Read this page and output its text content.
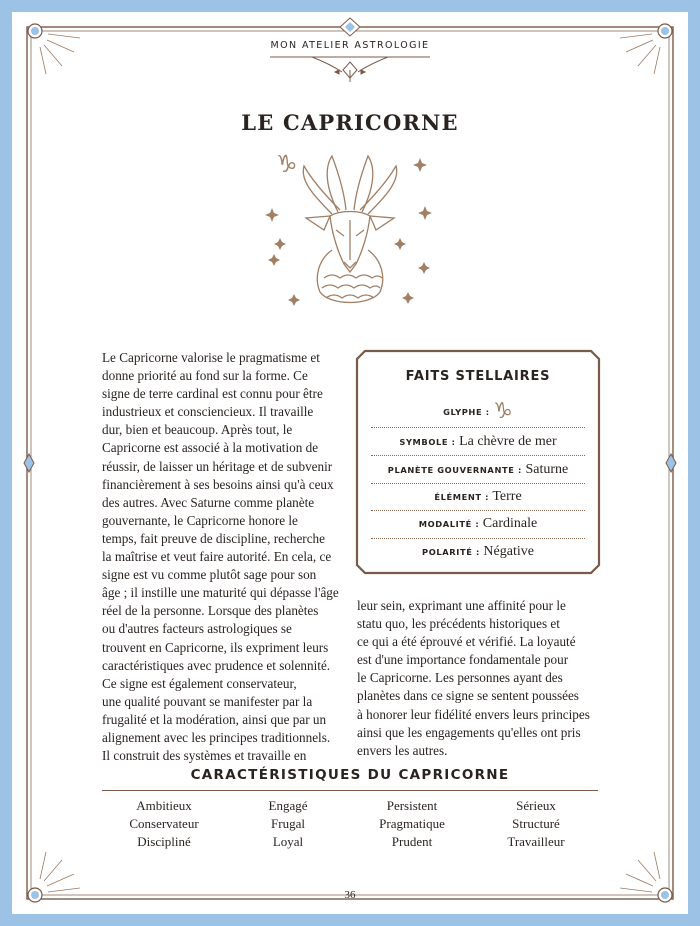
MON ATELIER ASTROLOGIE
LE CAPRICORNE
♑
Le Capricorne valorise le pragmatisme et
donne priorité au fond sur la forme. Ce
signe de terre cardinal est connu pour être
industrieux et consciencieux. Il travaille
dur, bien et beaucoup. Après tout, le
Capricorne est associé à la motivation de
réussir, de laisser un héritage et de subvenir
financièrement à ses besoins ainsi qu'à ceux
des autres. Avec Saturne comme planète
gouvernante, le Capricorne honore le
temps, fait preuve de discipline, recherche
la maîtrise et veut faire autorité. En cela, ce
signe est vu comme plutôt sage pour son
âge ; il instille une maturité qui dépasse l'âge
réel de la personne. Lorsque des planètes
ou d'autres facteurs astrologiques se
trouvent en Capricorne, ils expriment leurs
caractéristiques avec prudence et solennité.
Ce signe est également conservateur,
une qualité pouvant se manifester par la
frugalité et la modération, ainsi que par un
alignement avec les principes traditionnels.
Il construit des systèmes et travaille en
FAITS STELLAIRES
GLYPHE : ♑
SYMBOLE : La chèvre de mer
PLANÈTE GOUVERNANTE : Saturne
ÉLÉMENT : Terre
MODALITÉ : Cardinale
POLARITÉ : Négative
leur sein, exprimant une affinité pour le
statu quo, les précédents historiques et
ce qui a été éprouvé et vérifié. La loyauté
est d'une importance fondamentale pour
le Capricorne. Les personnes ayant des
planètes dans ce signe se sentent poussées
à honorer leur fidélité envers leurs principes
ainsi que les engagements qu'elles ont pris
envers les autres.
CARACTÉRISTIQUES DU CAPRICORNE
Ambitieux
Conservateur
Discipliné
Engagé
Frugal
Loyal
Persistent
Pragmatique
Prudent
Sérieux
Structuré
Travailleur
36
